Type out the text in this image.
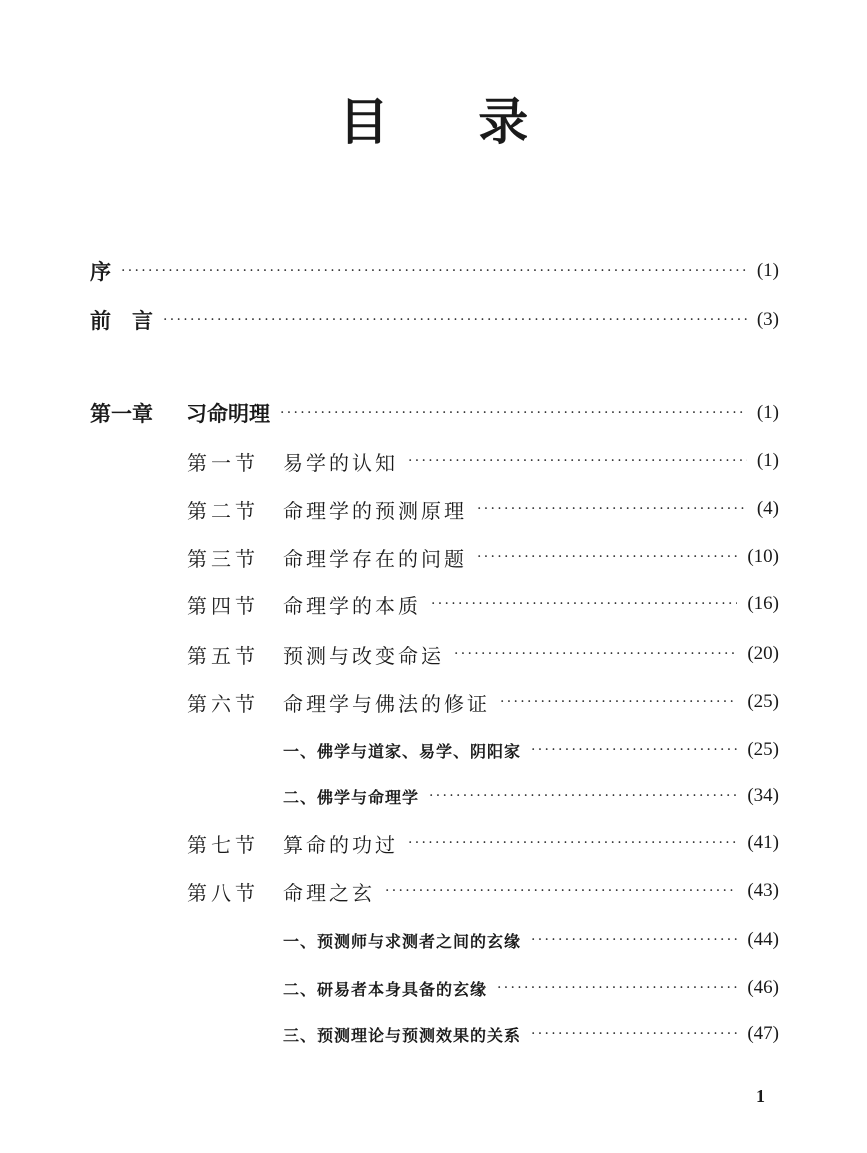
目 录
序 ·····	(1)
前　言 ·····	(3)
第一章	习命明理 ·····	(1)
第一节	易学的认知 ·····	(1)
第二节	命理学的预测原理 ·····	(4)
第三节	命理学存在的问题 ·····	(10)
第四节	命理学的本质 ·····	(16)
第五节	预测与改变命运 ·····	(20)
第六节	命理学与佛法的修证 ·····	(25)
一、佛学与道家、易学、阴阳家 ·····	(25)
二、佛学与命理学 ·····	(34)
第七节	算命的功过 ·····	(41)
第八节	命理之玄 ·····	(43)
一、预测师与求测者之间的玄缘 ·····	(44)
二、研易者本身具备的玄缘 ·····	(46)
三、预测理论与预测效果的关系 ·····	(47)
1
